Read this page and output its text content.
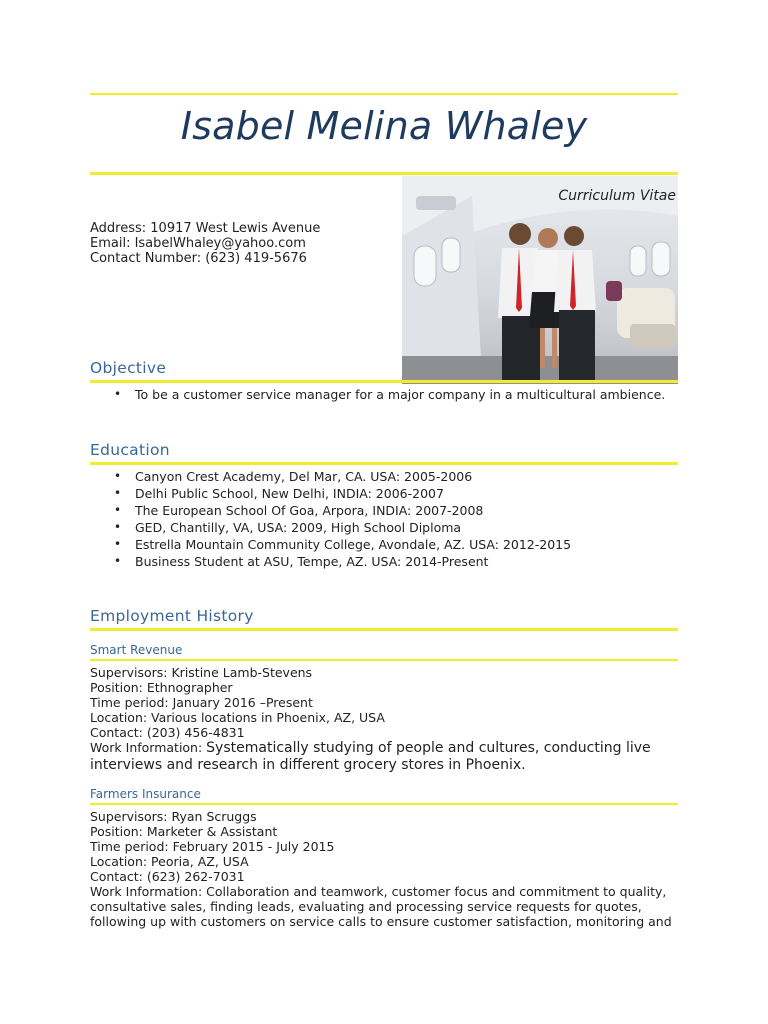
Isabel Melina Whaley
Curriculum Vitae
Address: 10917 West Lewis Avenue
Email: IsabelWhaley@yahoo.com
Contact Number: (623) 419-5676
Objective
• To be a customer service manager for a major company in a multicultural ambience.
Education
• Canyon Crest Academy, Del Mar, CA. USA: 2005-2006
• Delhi Public School, New Delhi, INDIA: 2006-2007
• The European School Of Goa, Arpora, INDIA: 2007-2008
• GED, Chantilly, VA, USA: 2009, High School Diploma
• Estrella Mountain Community College, Avondale, AZ. USA: 2012-2015
• Business Student at ASU, Tempe, AZ. USA: 2014-Present
Employment History
Smart Revenue
Supervisors: Kristine Lamb-Stevens
Position: Ethnographer
Time period: January 2016 –Present
Location: Various locations in Phoenix, AZ, USA
Contact: (203) 456-4831
Work Information: Systematically studying of people and cultures, conducting live interviews and research in different grocery stores in Phoenix.
Farmers Insurance
Supervisors: Ryan Scruggs
Position: Marketer & Assistant
Time period: February 2015 - July 2015
Location: Peoria, AZ, USA
Contact: (623) 262-7031
Work Information: Collaboration and teamwork, customer focus and commitment to quality, consultative sales, finding leads, evaluating and processing service requests for quotes, following up with customers on service calls to ensure customer satisfaction, monitoring and
